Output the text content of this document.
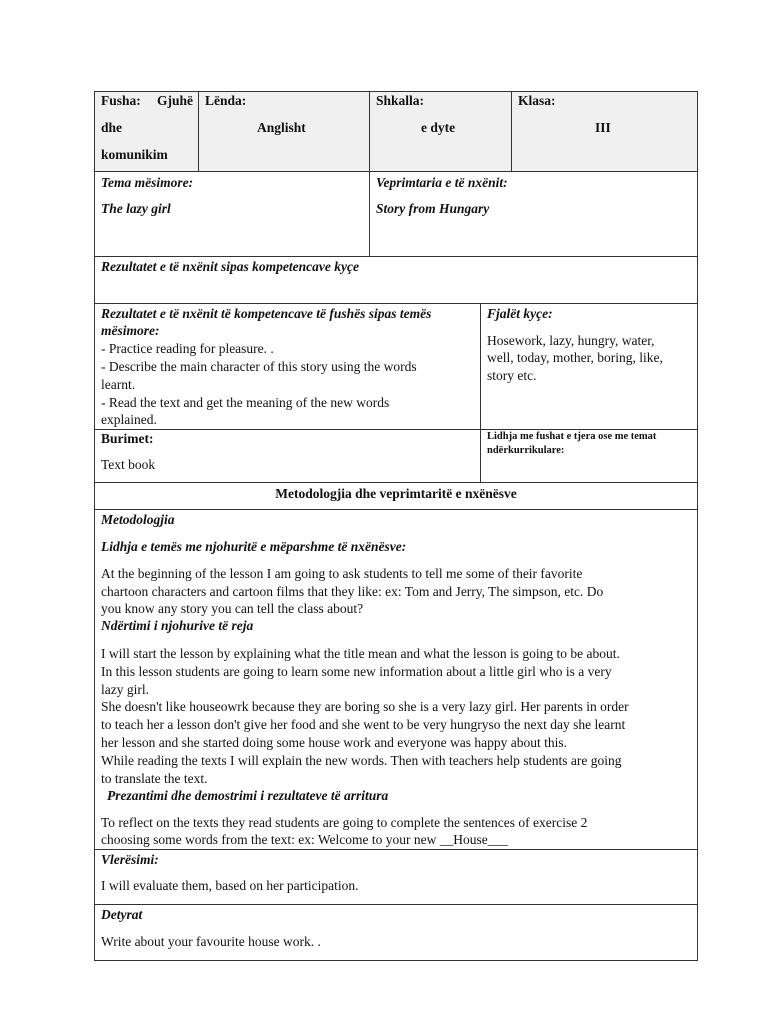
Fusha: Gjuhë
dhe
komunikim
Lënda:
Anglisht
Shkalla:
e dyte
Klasa:
III
Tema mësimore:
The lazy girl
Veprimtaria e të nxënit:
Story from Hungary
Rezultatet e të nxënit sipas kompetencave kyçe
Rezultatet e të nxënit të kompetencave të fushës sipas temës
mësimore:
- Practice reading for pleasure. .
- Describe the main character of this story using the words
learnt.
- Read the text and get the meaning of the new words
explained.
Fjalët kyçe:
Hosework, lazy, hungry, water,
well, today, mother, boring, like,
story etc.
Burimet:
Text book
Lidhja me fushat e tjera ose me temat
ndërkurrikulare:
Metodologjia dhe veprimtaritë e nxënësve
Metodologjia
Lidhja e temës me njohuritë e mëparshme të nxënësve:
At the beginning of the lesson I am going to ask students to tell me some of their favorite
chartoon characters and cartoon films that they like: ex: Tom and Jerry, The simpson, etc. Do
you know any story you can tell the class about?
Ndërtimi i njohurive të reja
I will start the lesson by explaining what the title mean and what the lesson is going to be about.
In this lesson students are going to learn some new information about a little girl who is a very
lazy girl.
She doesn't like houseowrk because they are boring so she is a very lazy girl. Her parents in order
to teach her a lesson don't give her food and she went to be very hungryso the next day she learnt
her lesson and she started doing some house work and everyone was happy about this.
While reading the texts I will explain the new words. Then with teachers help students are going
to translate the text.
Prezantimi dhe demostrimi i rezultateve të arritura
To reflect on the texts they read students are going to complete the sentences of exercise 2
choosing some words from the text: ex: Welcome to your new __House___
Vlerësimi:
I will evaluate them, based on her participation.
Detyrat
Write about your favourite house work. .
